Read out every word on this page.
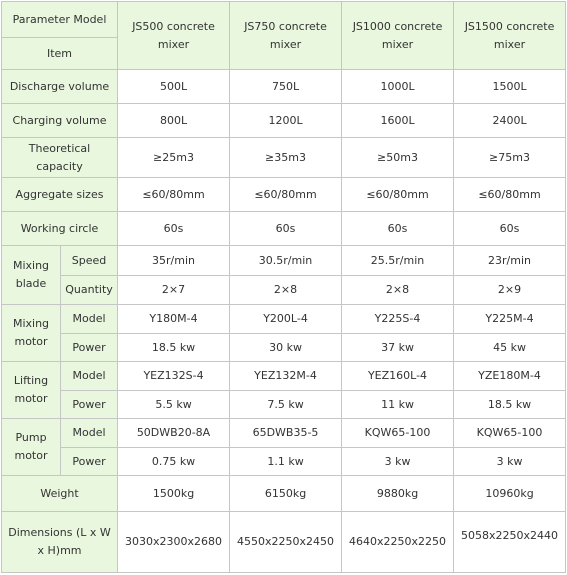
Parameter Model		JS500 concrete mixer	JS750 concrete mixer	JS1000 concrete mixer	JS1500 concrete mixer
Item					
Discharge volume		500L	750L	1000L	1500L
Charging volume		800L	1200L	1600L	2400L
Theoretical capacity		≥25m3	≥35m3	≥50m3	≥75m3
Aggregate sizes		≤60/80mm	≤60/80mm	≤60/80mm	≤60/80mm
Working circle		60s	60s	60s	60s
Mixing blade	Speed	35r/min	30.5r/min	25.5r/min	23r/min
	Quantity	2×7	2×8	2×8	2×9
Mixing motor	Model	Y180M-4	Y200L-4	Y225S-4	Y225M-4
	Power	18.5 kw	30 kw	37 kw	45 kw
Lifting motor	Model	YEZ132S-4	YEZ132M-4	YEZ160L-4	YZE180M-4
	Power	5.5 kw	7.5 kw	11 kw	18.5 kw
Pump motor	Model	50DWB20-8A	65DWB35-5	KQW65-100	KQW65-100
	Power	0.75 kw	1.1 kw	3 kw	3 kw
Weight		1500kg	6150kg	9880kg	10960kg
Dimensions (L x W x H)mm		3030x2300x2680	4550x2250x2450	4640x2250x2250	5058x2250x2440
